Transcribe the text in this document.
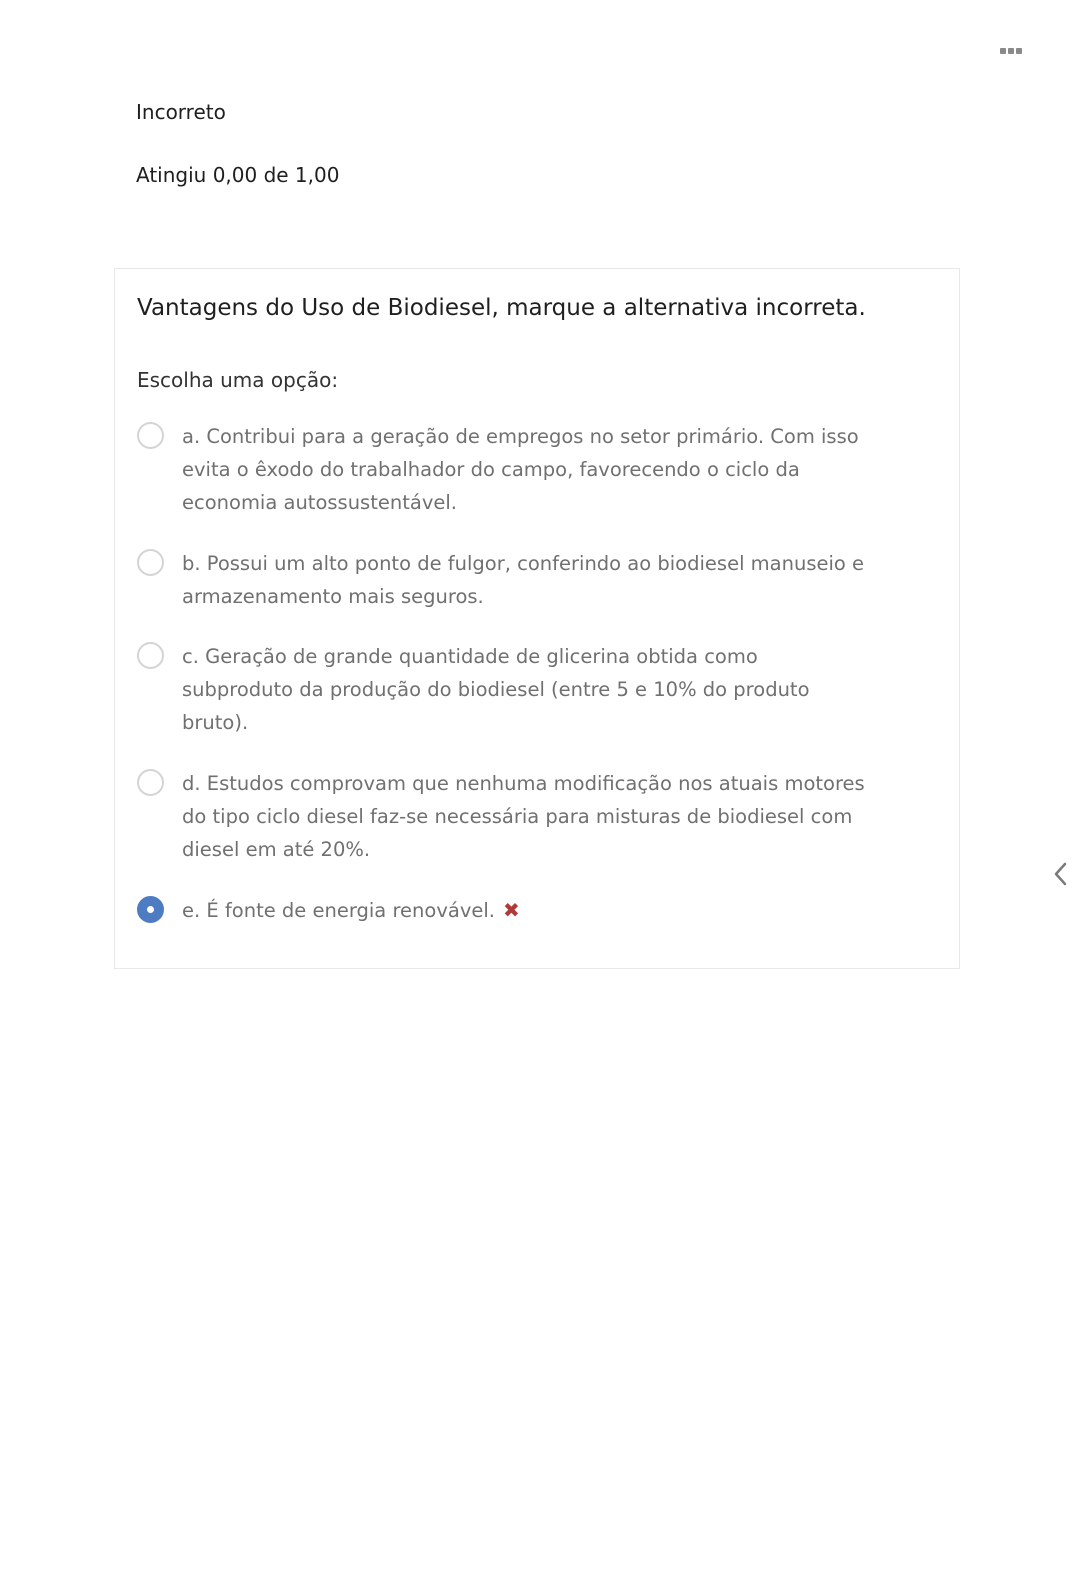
Incorreto
Atingiu 0,00 de 1,00
Vantagens do Uso de Biodiesel, marque a alternativa incorreta.
Escolha uma opção:
a. Contribui para a geração de empregos no setor primário. Com isso evita o êxodo do trabalhador do campo, favorecendo o ciclo da economia autossustentável.
b. Possui um alto ponto de fulgor, conferindo ao biodiesel manuseio e armazenamento mais seguros.
c. Geração de grande quantidade de glicerina obtida como subproduto da produção do biodiesel (entre 5 e 10% do produto bruto).
d. Estudos comprovam que nenhuma modificação nos atuais motores do tipo ciclo diesel faz-se necessária para misturas de biodiesel com diesel em até 20%.
e. É fonte de energia renovável. ✖
